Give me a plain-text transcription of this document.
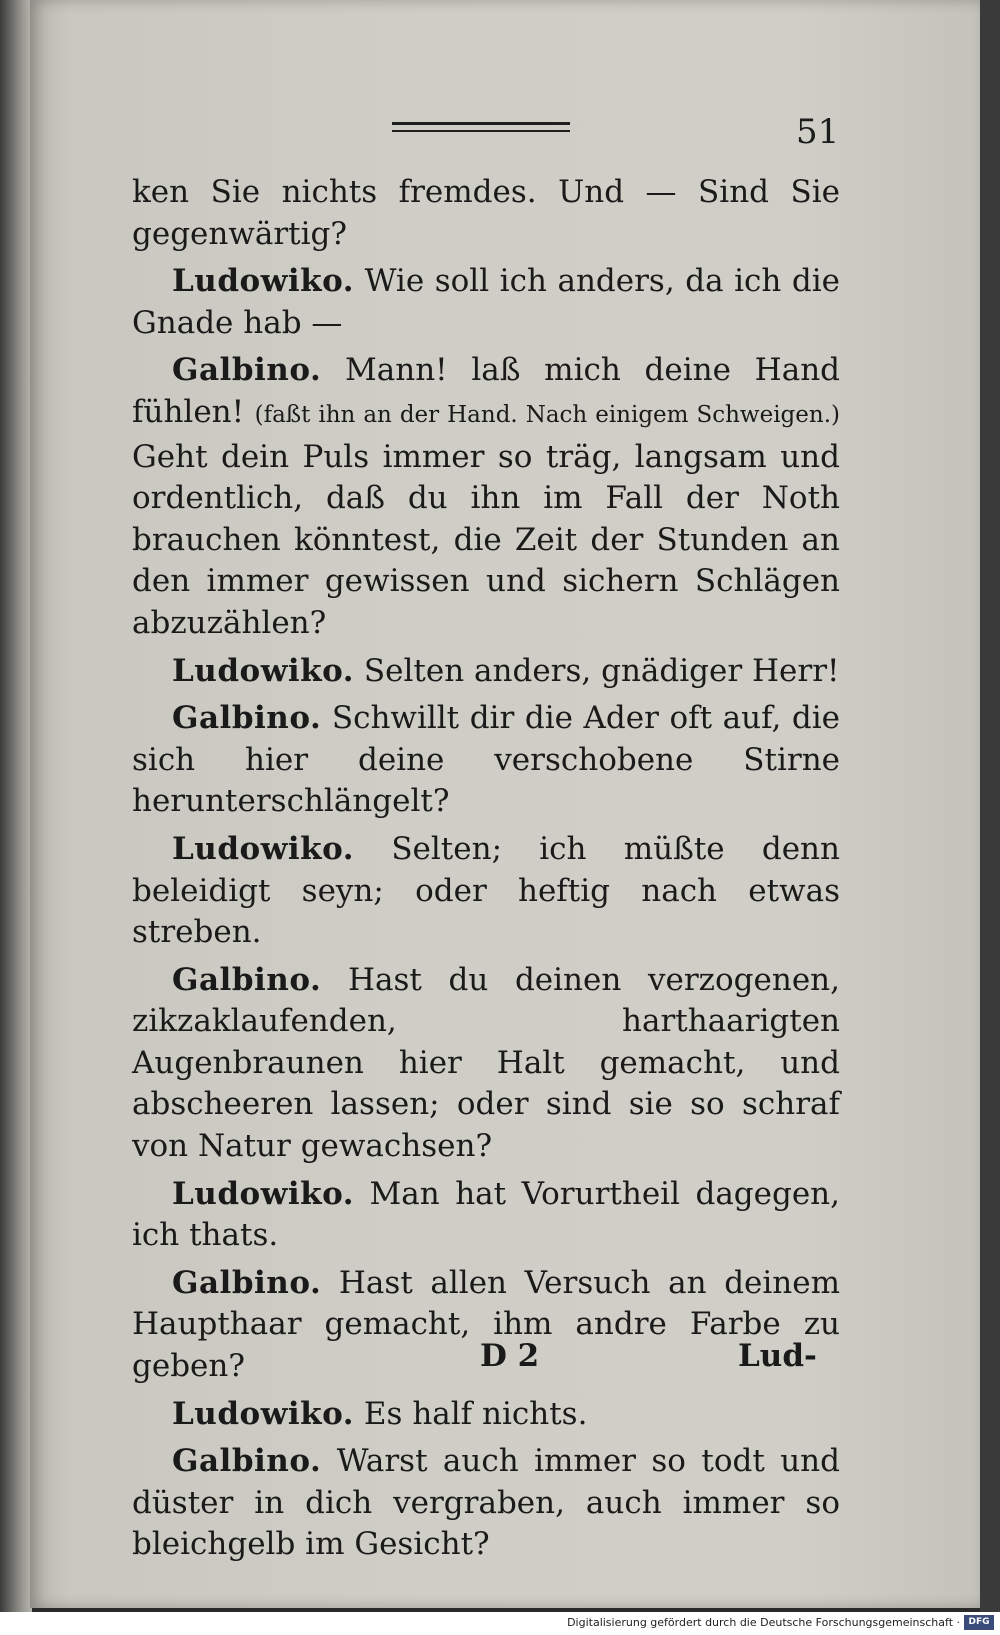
51

ken Sie nichts fremdes. Und — Sind Sie gegenwärtig?

Ludowiko. Wie soll ich anders, da ich die Gnade hab —

Galbino. Mann! laß mich deine Hand fühlen! (faßt ihn an der Hand. Nach einigem Schweigen.) Geht dein Puls immer so träg, langsam und ordentlich, daß du ihn im Fall der Noth brauchen könntest, die Zeit der Stunden an den immer gewissen und sichern Schlägen abzuzählen?

Ludowiko. Selten anders, gnädiger Herr!

Galbino. Schwillt dir die Ader oft auf, die sich hier deine verschobene Stirne herunterschlängelt?

Ludowiko. Selten; ich müßte denn beleidigt seyn; oder heftig nach etwas streben.

Galbino. Hast du deinen verzogenen, zikzaklaufenden, harthaarigten Augenbraunen hier Halt gemacht, und abscheeren lassen; oder sind sie so schraf von Natur gewachsen?

Ludowiko. Man hat Vorurtheil dagegen, ich thats.

Galbino. Hast allen Versuch an deinem Haupthaar gemacht, ihm andre Farbe zu geben?

Ludowiko. Es half nichts.

Galbino. Warst auch immer so todt und düster in dich vergraben, auch immer so bleichgelb im Gesicht?

D 2	Lud‑
Digitalisierung gefördert durch die Deutsche Forschungsgemeinschaft · DFG
